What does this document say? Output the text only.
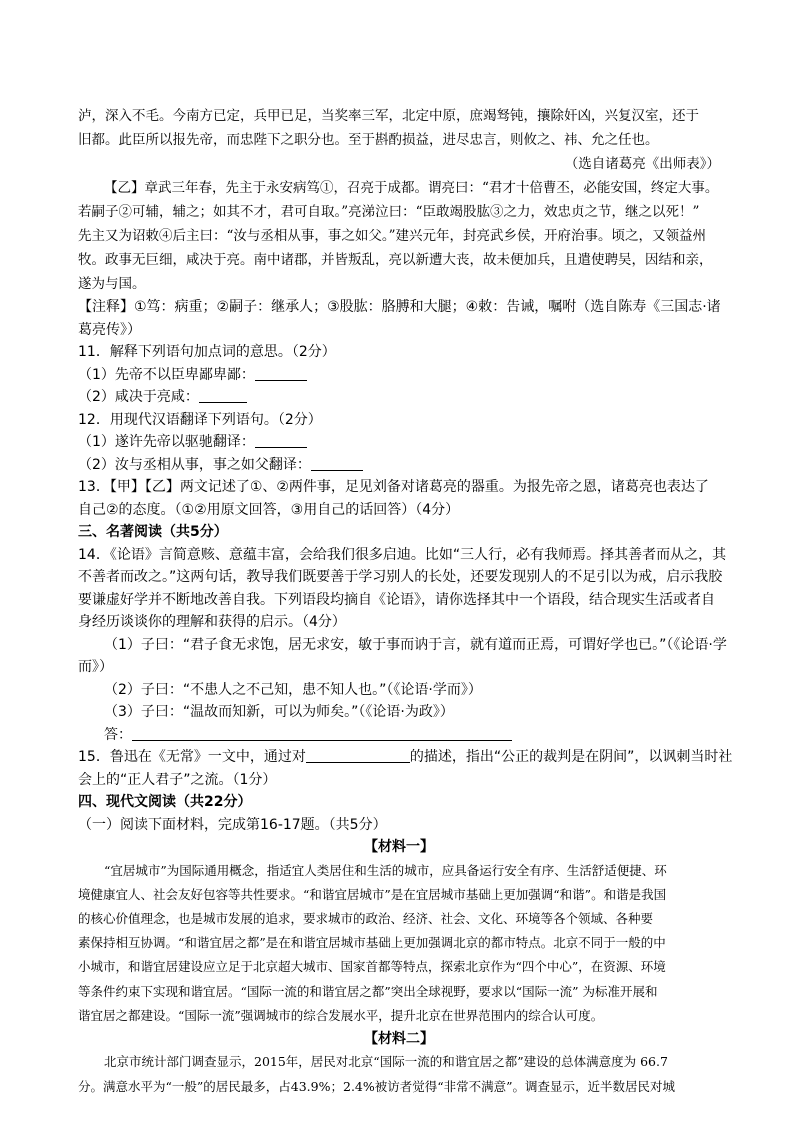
泸，深入不毛。今南方已定，兵甲已足，当奖率三军，北定中原，庶竭驽钝，攘除奸凶，兴复汉室，还于

旧都。此臣所以报先帝，而忠陛下之职分也。至于斟酌损益，进尽忠言，则攸之、祎、允之任也。

（选自诸葛亮《出师表》）

【乙】章武三年春，先主于永安病笃①，召亮于成都。谓亮曰：“君才十倍曹丕，必能安国，终定大事。

若嗣子②可辅，辅之；如其不才，君可自取。”亮涕泣曰：“臣敢竭股肱③之力，效忠贞之节，继之以死！”

先主又为诏敕④后主曰：“汝与丞相从事，事之如父。”建兴元年，封亮武乡侯，开府治事。顷之，又领益州

牧。政事无巨细，咸决于亮。南中诸郡，并皆叛乱，亮以新遭大丧，故未便加兵，且遣使聘吴，因结和亲，

遂为与国。

【注释】①笃：病重；②嗣子：继承人；③股肱：胳膊和大腿；④敕：告诫，嘱咐（选自陈寿《三国志·诸

葛亮传》）

11．解释下列语句加点词的意思。（2分）

（1）先帝不以臣卑鄙卑鄙：

（2）咸决于亮咸：

12．用现代汉语翻译下列语句。（2分）

（1）遂许先帝以驱驰翻译：

（2）汝与丞相从事，事之如父翻译：

13．【甲】【乙】两文记述了①、②两件事，足见刘备对诸葛亮的器重。为报先帝之恩，诸葛亮也表达了

自己②的态度。（①②用原文回答，③用自己的话回答）（4分）

三、名著阅读（共5分）

14．《论语》言简意赅、意蕴丰富，会给我们很多启迪。比如“三人行，必有我师焉。择其善者而从之，其

不善者而改之。”这两句话，教导我们既要善于学习别人的长处，还要发现别人的不足引以为戒，启示我胶

要谦虚好学并不断地改善自我。下列语段均摘自《论语》，请你选择其中一个语段，结合现实生活或者自

身经历谈谈你的理解和获得的启示。（4分）

（1）子曰：“君子食无求饱，居无求安，敏于事而讷于言，就有道而正焉，可谓好学也已。”（《论语·学

而》）

（2）子曰：“不患人之不己知，患不知人也。”（《论语·学而》）

（3）子曰：“温故而知新，可以为师矣。”（《论语·为政》）

答：

15．鲁迅在《无常》一文中，通过对	的描述，指出“公正的裁判是在阴间”，以讽刺当时社

会上的“正人君子”之流。（1分）

四、现代文阅读（共22分）

（一）阅读下面材料，完成第16-17题。（共5分）

【材料一】

“宜居城市”为国际通用概念，指适宜人类居住和生活的城市，应具备运行安全有序、生活舒适便捷、环

境健康宜人、社会友好包容等共性要求。“和谐宜居城市”是在宜居城市基础上更加强调“和谐”。和谐是我国

的核心价值理念，也是城市发展的追求，要求城市的政治、经济、社会、文化、环境等各个领域、各种要

素保持相互协调。“和谐宜居之都”是在和谐宜居城市基础上更加强调北京的都市特点。北京不同于一般的中

小城市，和谐宜居建设应立足于北京超大城市、国家首都等特点，探索北京作为“四个中心”，在资源、环境

等条件约束下实现和谐宜居。“国际一流的和谐宜居之都”突出全球视野，要求以“国际一流” 为标准开展和

谐宜居之都建设。“国际一流”强调城市的综合发展水平，提升北京在世界范围内的综合认可度。

【材料二】

北京市统计部门调查显示，2015年，居民对北京“国际一流的和谐宜居之都”建设的总体满意度为 66.7

分。满意水平为“一般”的居民最多，占43.9%；2.4%被访者觉得“非常不满意”。调查显示，近半数居民对城
